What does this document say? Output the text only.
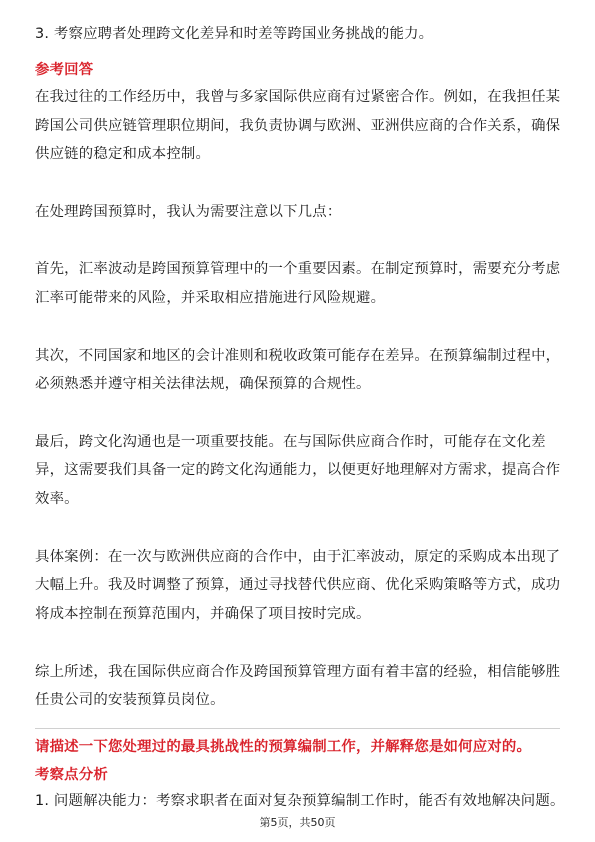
3. 考察应聘者处理跨文化差异和时差等跨国业务挑战的能力。
参考回答
在我过往的工作经历中，我曾与多家国际供应商有过紧密合作。例如，在我担任某
跨国公司供应链管理职位期间，我负责协调与欧洲、亚洲供应商的合作关系，确保
供应链的稳定和成本控制。
在处理跨国预算时，我认为需要注意以下几点：
首先，汇率波动是跨国预算管理中的一个重要因素。在制定预算时，需要充分考虑
汇率可能带来的风险，并采取相应措施进行风险规避。
其次，不同国家和地区的会计准则和税收政策可能存在差异。在预算编制过程中，
必须熟悉并遵守相关法律法规，确保预算的合规性。
最后，跨文化沟通也是一项重要技能。在与国际供应商合作时，可能存在文化差
异，这需要我们具备一定的跨文化沟通能力，以便更好地理解对方需求，提高合作
效率。
具体案例：在一次与欧洲供应商的合作中，由于汇率波动，原定的采购成本出现了
大幅上升。我及时调整了预算，通过寻找替代供应商、优化采购策略等方式，成功
将成本控制在预算范围内，并确保了项目按时完成。
综上所述，我在国际供应商合作及跨国预算管理方面有着丰富的经验，相信能够胜
任贵公司的安装预算员岗位。
请描述一下您处理过的最具挑战性的预算编制工作，并解释您是如何应对的。
考察点分析
1. 问题解决能力：考察求职者在面对复杂预算编制工作时，能否有效地解决问题。
第5页，共50页
